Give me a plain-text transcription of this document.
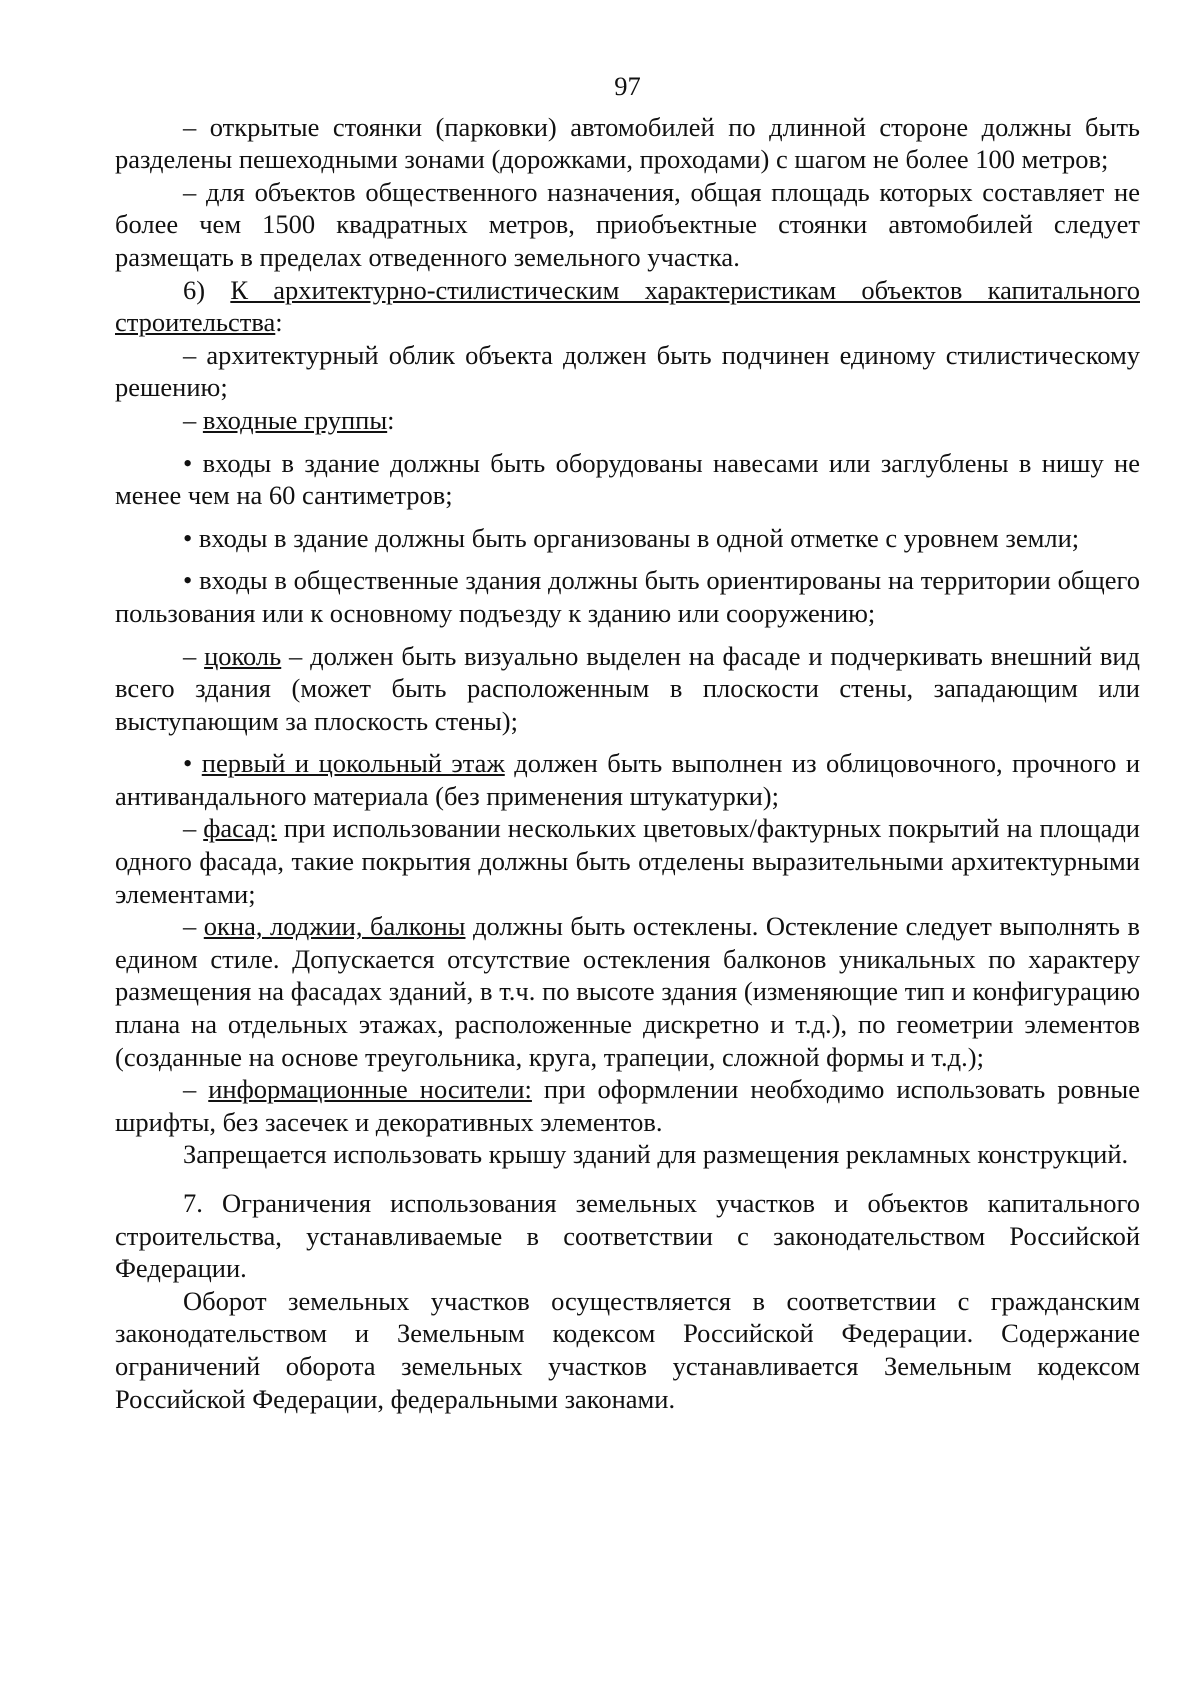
97

– открытые стоянки (парковки) автомобилей по длинной стороне должны быть разделены пешеходными зонами (дорожками, проходами) с шагом не более 100 метров;

– для объектов общественного назначения, общая площадь которых составляет не более чем 1500 квадратных метров, приобъектные стоянки автомобилей следует размещать в пределах отведенного земельного участка.

6) К архитектурно-стилистическим характеристикам объектов капитального строительства:

– архитектурный облик объекта должен быть подчинен единому стилистическому решению;

– входные группы:

• входы в здание должны быть оборудованы навесами или заглублены в нишу не менее чем на 60 сантиметров;

• входы в здание должны быть организованы в одной отметке с уровнем земли;

• входы в общественные здания должны быть ориентированы на территории общего пользования или к основному подъезду к зданию или сооружению;

– цоколь – должен быть визуально выделен на фасаде и подчеркивать внешний вид всего здания (может быть расположенным в плоскости стены, западающим или выступающим за плоскость стены);

• первый и цокольный этаж должен быть выполнен из облицовочного, прочного и антивандального материала (без применения штукатурки);

– фасад: при использовании нескольких цветовых/фактурных покрытий на площади одного фасада, такие покрытия должны быть отделены выразительными архитектурными элементами;

– окна, лоджии, балконы должны быть остеклены. Остекление следует выполнять в едином стиле. Допускается отсутствие остекления балконов уникальных по характеру размещения на фасадах зданий, в т.ч. по высоте здания (изменяющие тип и конфигурацию плана на отдельных этажах, расположенные дискретно и т.д.), по геометрии элементов (созданные на основе треугольника, круга, трапеции, сложной формы и т.д.);

– информационные носители: при оформлении необходимо использовать ровные шрифты, без засечек и декоративных элементов.

Запрещается использовать крышу зданий для размещения рекламных конструкций.

7. Ограничения использования земельных участков и объектов капитального строительства, устанавливаемые в соответствии с законодательством Российской Федерации.

Оборот земельных участков осуществляется в соответствии с гражданским законодательством и Земельным кодексом Российской Федерации. Содержание ограничений оборота земельных участков устанавливается Земельным кодексом Российской Федерации, федеральными законами.
